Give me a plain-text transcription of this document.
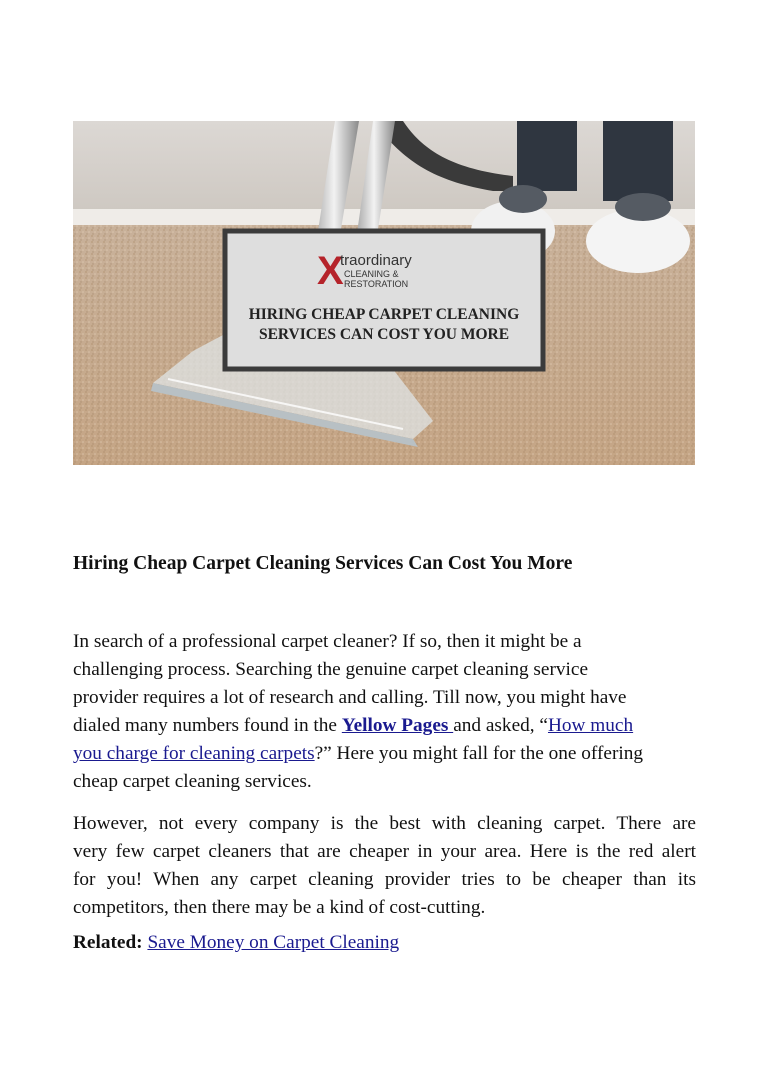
X
traordinary
CLEANING &
RESTORATION
HIRING CHEAP CARPET CLEANING
SERVICES CAN COST YOU MORE
Hiring Cheap Carpet Cleaning Services Can Cost You More

In search of a professional carpet cleaner? If so, then it might be a
challenging process. Searching the genuine carpet cleaning service
provider requires a lot of research and calling. Till now, you might have
dialed many numbers found in the Yellow Pages and asked, “How much
you charge for cleaning carpets?” Here you might fall for the one offering
cheap carpet cleaning services.

However, not every company is the best with cleaning carpet. There are
very few carpet cleaners that are cheaper in your area. Here is the red alert
for you! When any carpet cleaning provider tries to be cheaper than its
competitors, then there may be a kind of cost-cutting.

Related: Save Money on Carpet Cleaning
